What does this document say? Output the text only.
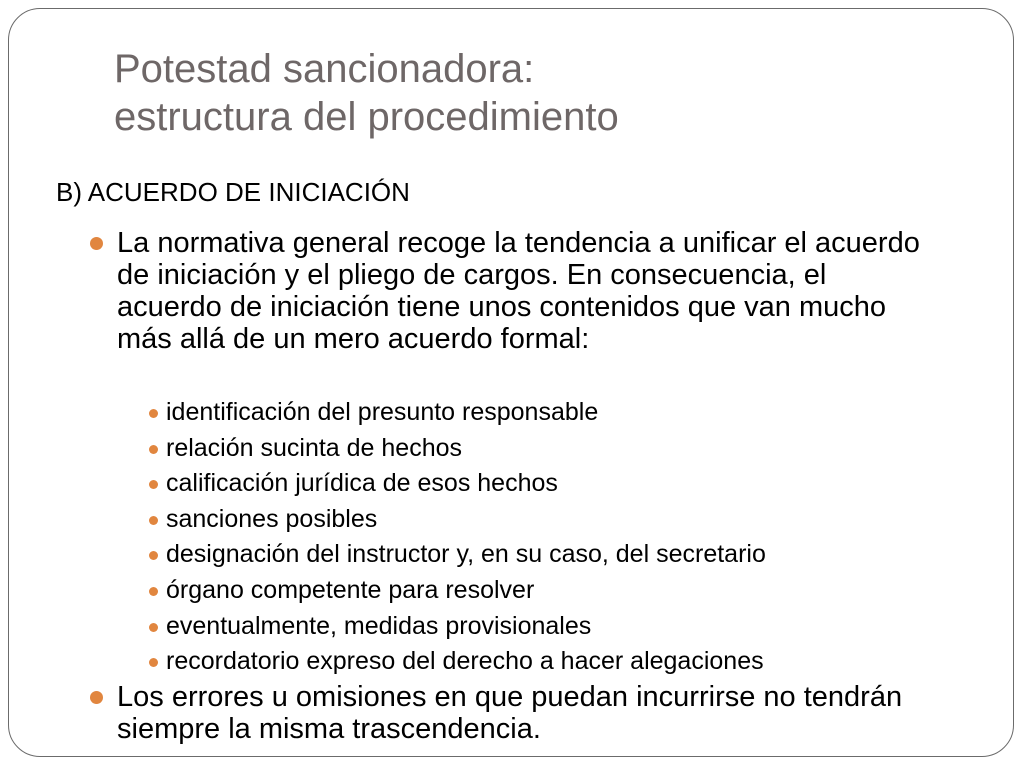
Potestad sancionadora:
estructura del procedimiento

B) ACUERDO DE INICIACIÓN

La normativa general recoge la tendencia a unificar el acuerdo de iniciación y el pliego de cargos. En consecuencia, el acuerdo de iniciación tiene unos contenidos que van mucho más allá de un mero acuerdo formal:

identificación del presunto responsable
relación sucinta de hechos
calificación jurídica de esos hechos
sanciones posibles
designación del instructor y, en su caso, del secretario
órgano competente para resolver
eventualmente, medidas provisionales
recordatorio expreso del derecho a hacer alegaciones

Los errores u omisiones en que puedan incurrirse no tendrán siempre la misma trascendencia.
